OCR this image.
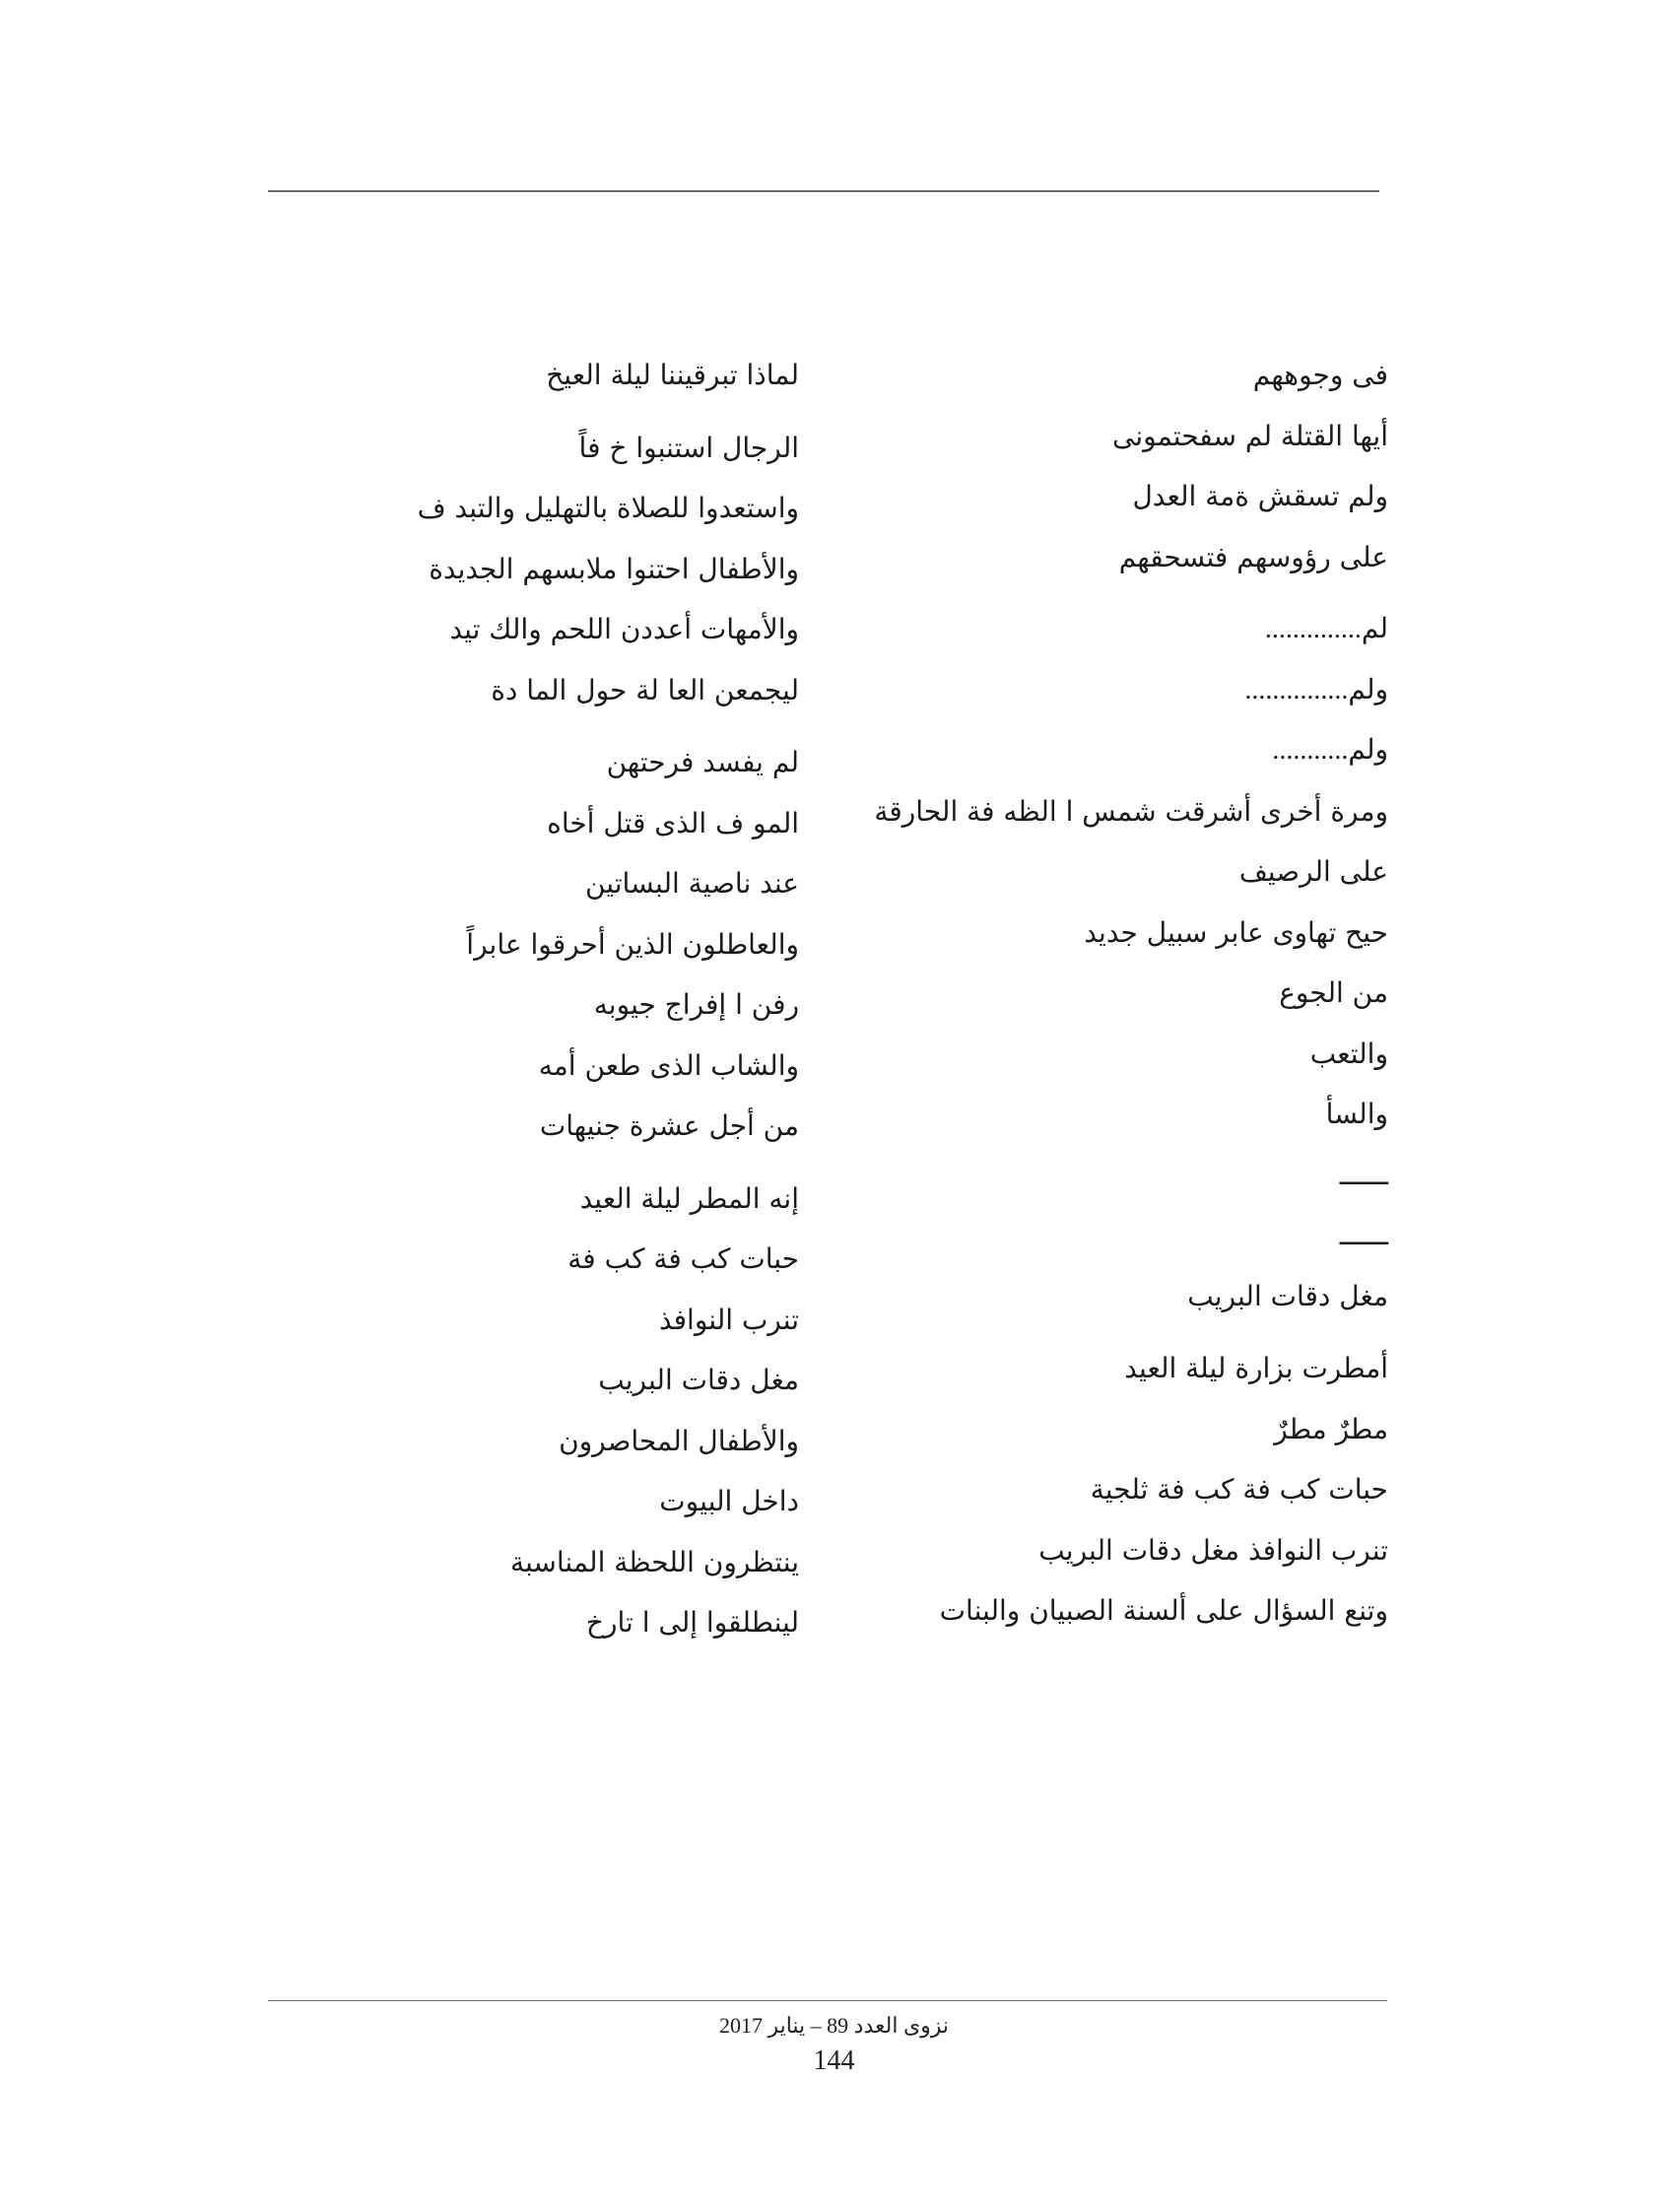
فى وجوههم
أيها القتلة لم سفحتمونى
ولم تسقش ةمة العدل
على رؤوسهم فتسحقهم
لم..............
ولم...............
ولم...........
ومرة أخرى أشرقت شمس ا الظه فة الحارقة
على الرصيف
حيح تهاوى عابر سبيل جديد
من الجوع
والتعب
والسأ
ــــــ
ــــــ
مغل دقات البريب
أمطرت بزارة ليلة العيد
مطرٌ مطرٌ
حبات كب فة كب فة ثلجية
تنرب النوافذ مغل دقات البريب
وتنع السؤال على ألسنة الصبيان والبنات
لماذا تبرقيننا ليلة العيخ
الرجال استنبوا خ فاً
واستعدوا للصلاة بالتهليل والتبد ف
والأطفال احتنوا ملابسهم الجديدة
والأمهات أعددن اللحم والك تيد
ليجمعن العا لة حول الما دة
لم يفسد فرحتهن
المو ف الذى قتل أخاه
عند ناصية البساتين
والعاطلون الذين أحرقوا عابراً
رفن ا إفراج جيوبه
والشاب الذى طعن أمه
من أجل عشرة جنيهات
إنه المطر ليلة العيد
حبات كب فة كب فة
تنرب النوافذ
مغل دقات البريب
والأطفال المحاصرون
داخل البيوت
ينتظرون اللحظة المناسبة
لينطلقوا إلى ا تارخ
نزوى العدد 89 – يناير 2017
144
